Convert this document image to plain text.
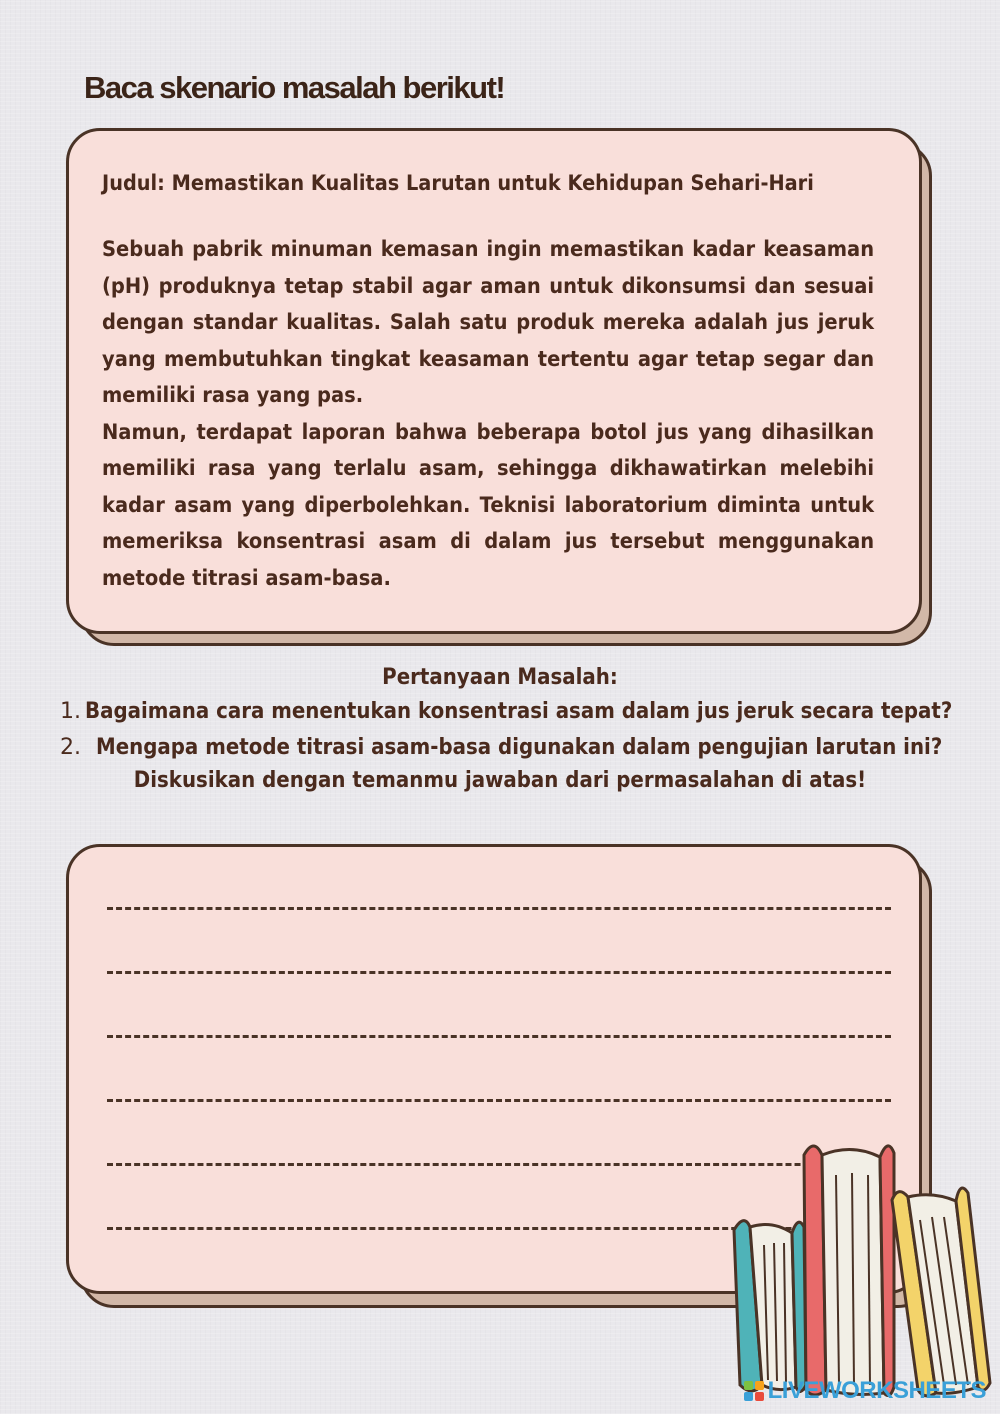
Baca skenario masalah berikut!
Judul: Memastikan Kualitas Larutan untuk Kehidupan Sehari-Hari

Sebuah pabrik minuman kemasan ingin memastikan kadar keasaman (pH) produknya tetap stabil agar aman untuk dikonsumsi dan sesuai dengan standar kualitas. Salah satu produk mereka adalah jus jeruk yang membutuhkan tingkat keasaman tertentu agar tetap segar dan memiliki rasa yang pas.

Namun, terdapat laporan bahwa beberapa botol jus yang dihasilkan memiliki rasa yang terlalu asam, sehingga dikhawatirkan melebihi kadar asam yang diperbolehkan. Teknisi laboratorium diminta untuk memeriksa konsentrasi asam di dalam jus tersebut menggunakan metode titrasi asam-basa.

Pertanyaan Masalah:
1. Bagaimana cara menentukan konsentrasi asam dalam jus jeruk secara tepat?
2. Mengapa metode titrasi asam-basa digunakan dalam pengujian larutan ini?
Diskusikan dengan temanmu jawaban dari permasalahan di atas!
LIVEWORKSHEETS
